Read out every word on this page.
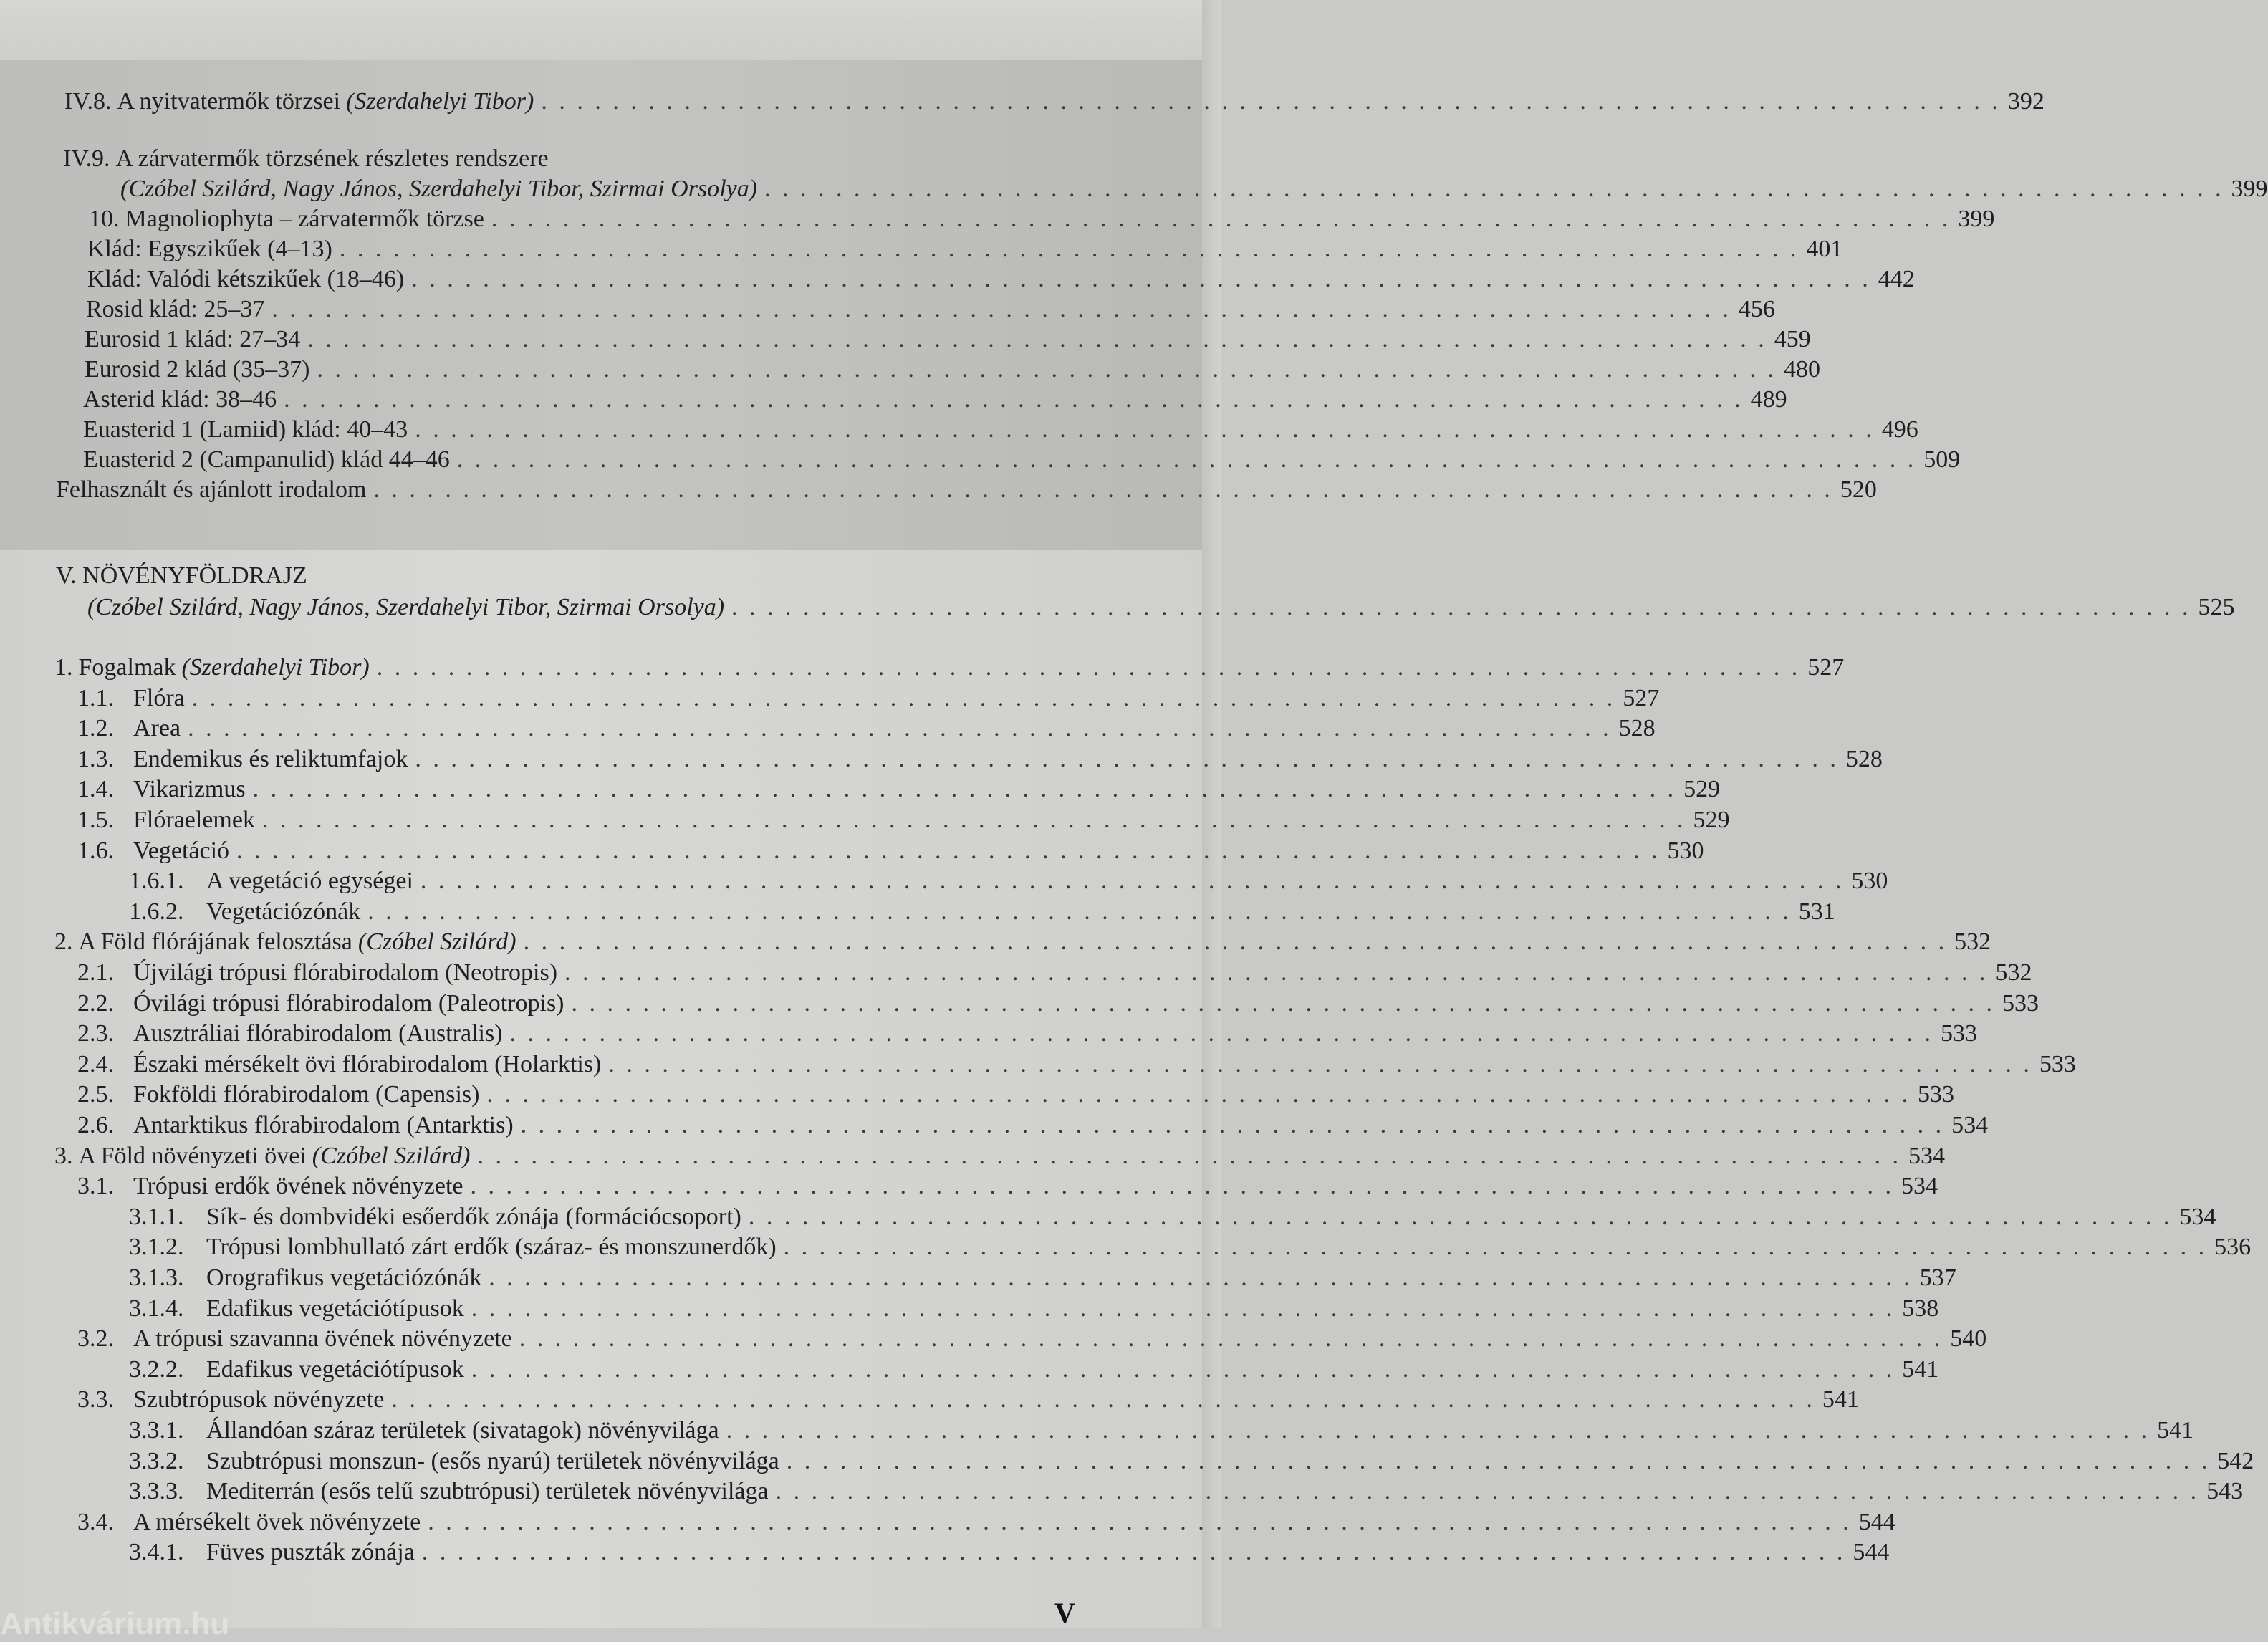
IV.8. A nyitvatermők törzsei (Szerdahelyi Tibor) . . . . . . . . . . . . . . . . . . . . . . . . . . . . . . . . . . . . . . . . . . . . . . . . . . . . . . . . . . . . . . . . . . . . . . . . . . . . . . . . . . 392
IV.9. A zárvatermők törzsének részletes rendszere
(Czóbel Szilárd, Nagy János, Szerdahelyi Tibor, Szirmai Orsolya) . . . . . . . . . . . . . . . . . . . . . . . . . . . . . . . . . . . . . . . . . . . . . . . . . . . . . . . . . . . . . . . . . . . . . . . . . . . . . . . . . . 399
10. Magnoliophyta – zárvatermők törzse . . . . . . . . . . . . . . . . . . . . . . . . . . . . . . . . . . . . . . . . . . . . . . . . . . . . . . . . . . . . . . . . . . . . . . . . . . . . . . . . . . 399
Klád: Egyszikűek (4–13) . . . . . . . . . . . . . . . . . . . . . . . . . . . . . . . . . . . . . . . . . . . . . . . . . . . . . . . . . . . . . . . . . . . . . . . . . . . . . . . . . . 401
Klád: Valódi kétszikűek (18–46) . . . . . . . . . . . . . . . . . . . . . . . . . . . . . . . . . . . . . . . . . . . . . . . . . . . . . . . . . . . . . . . . . . . . . . . . . . . . . . . . . . 442
Rosid klád: 25–37 . . . . . . . . . . . . . . . . . . . . . . . . . . . . . . . . . . . . . . . . . . . . . . . . . . . . . . . . . . . . . . . . . . . . . . . . . . . . . . . . . . 456
Eurosid 1 klád: 27–34 . . . . . . . . . . . . . . . . . . . . . . . . . . . . . . . . . . . . . . . . . . . . . . . . . . . . . . . . . . . . . . . . . . . . . . . . . . . . . . . . . . 459
Eurosid 2 klád (35–37) . . . . . . . . . . . . . . . . . . . . . . . . . . . . . . . . . . . . . . . . . . . . . . . . . . . . . . . . . . . . . . . . . . . . . . . . . . . . . . . . . . 480
Asterid klád: 38–46 . . . . . . . . . . . . . . . . . . . . . . . . . . . . . . . . . . . . . . . . . . . . . . . . . . . . . . . . . . . . . . . . . . . . . . . . . . . . . . . . . . 489
Euasterid 1 (Lamiid) klád: 40–43 . . . . . . . . . . . . . . . . . . . . . . . . . . . . . . . . . . . . . . . . . . . . . . . . . . . . . . . . . . . . . . . . . . . . . . . . . . . . . . . . . . 496
Euasterid 2 (Campanulid) klád 44–46 . . . . . . . . . . . . . . . . . . . . . . . . . . . . . . . . . . . . . . . . . . . . . . . . . . . . . . . . . . . . . . . . . . . . . . . . . . . . . . . . . . 509
Felhasznált és ajánlott irodalom . . . . . . . . . . . . . . . . . . . . . . . . . . . . . . . . . . . . . . . . . . . . . . . . . . . . . . . . . . . . . . . . . . . . . . . . . . . . . . . . . . 520
V. NÖVÉNYFÖLDRAJZ
(Czóbel Szilárd, Nagy János, Szerdahelyi Tibor, Szirmai Orsolya) . . . . . . . . . . . . . . . . . . . . . . . . . . . . . . . . . . . . . . . . . . . . . . . . . . . . . . . . . . . . . . . . . . . . . . . . . . . . . . . . . . 525
1. Fogalmak (Szerdahelyi Tibor) . . . . . . . . . . . . . . . . . . . . . . . . . . . . . . . . . . . . . . . . . . . . . . . . . . . . . . . . . . . . . . . . . . . . . . . . . . . . . . . . 527
1.1. Flóra . . . . . . . . . . . . . . . . . . . . . . . . . . . . . . . . . . . . . . . . . . . . . . . . . . . . . . . . . . . . . . . . . . . . . . . . . . . . . . . . 527
1.2. Area . . . . . . . . . . . . . . . . . . . . . . . . . . . . . . . . . . . . . . . . . . . . . . . . . . . . . . . . . . . . . . . . . . . . . . . . . . . . . . . . 528
1.3. Endemikus és reliktumfajok . . . . . . . . . . . . . . . . . . . . . . . . . . . . . . . . . . . . . . . . . . . . . . . . . . . . . . . . . . . . . . . . . . . . . . . . . . . . . . . . 528
1.4. Vikarizmus . . . . . . . . . . . . . . . . . . . . . . . . . . . . . . . . . . . . . . . . . . . . . . . . . . . . . . . . . . . . . . . . . . . . . . . . . . . . . . . . 529
1.5. Flóraelemek . . . . . . . . . . . . . . . . . . . . . . . . . . . . . . . . . . . . . . . . . . . . . . . . . . . . . . . . . . . . . . . . . . . . . . . . . . . . . . . . 529
1.6. Vegetáció . . . . . . . . . . . . . . . . . . . . . . . . . . . . . . . . . . . . . . . . . . . . . . . . . . . . . . . . . . . . . . . . . . . . . . . . . . . . . . . . 530
1.6.1. A vegetáció egységei . . . . . . . . . . . . . . . . . . . . . . . . . . . . . . . . . . . . . . . . . . . . . . . . . . . . . . . . . . . . . . . . . . . . . . . . . . . . . . . . 530
1.6.2. Vegetációzónák . . . . . . . . . . . . . . . . . . . . . . . . . . . . . . . . . . . . . . . . . . . . . . . . . . . . . . . . . . . . . . . . . . . . . . . . . . . . . . . . 531
2. A Föld flórájának felosztása (Czóbel Szilárd) . . . . . . . . . . . . . . . . . . . . . . . . . . . . . . . . . . . . . . . . . . . . . . . . . . . . . . . . . . . . . . . . . . . . . . . . . . . . . . . . 532
2.1. Újvilági trópusi flórabirodalom (Neotropis) . . . . . . . . . . . . . . . . . . . . . . . . . . . . . . . . . . . . . . . . . . . . . . . . . . . . . . . . . . . . . . . . . . . . . . . . . . . . . . . . 532
2.2. Óvilági trópusi flórabirodalom (Paleotropis) . . . . . . . . . . . . . . . . . . . . . . . . . . . . . . . . . . . . . . . . . . . . . . . . . . . . . . . . . . . . . . . . . . . . . . . . . . . . . . . . 533
2.3. Ausztráliai flórabirodalom (Australis) . . . . . . . . . . . . . . . . . . . . . . . . . . . . . . . . . . . . . . . . . . . . . . . . . . . . . . . . . . . . . . . . . . . . . . . . . . . . . . . . 533
2.4. Északi mérsékelt övi flórabirodalom (Holarktis) . . . . . . . . . . . . . . . . . . . . . . . . . . . . . . . . . . . . . . . . . . . . . . . . . . . . . . . . . . . . . . . . . . . . . . . . . . . . . . . . 533
2.5. Fokföldi flórabirodalom (Capensis) . . . . . . . . . . . . . . . . . . . . . . . . . . . . . . . . . . . . . . . . . . . . . . . . . . . . . . . . . . . . . . . . . . . . . . . . . . . . . . . . 533
2.6. Antarktikus flórabirodalom (Antarktis) . . . . . . . . . . . . . . . . . . . . . . . . . . . . . . . . . . . . . . . . . . . . . . . . . . . . . . . . . . . . . . . . . . . . . . . . . . . . . . . . 534
3. A Föld növényzeti övei (Czóbel Szilárd) . . . . . . . . . . . . . . . . . . . . . . . . . . . . . . . . . . . . . . . . . . . . . . . . . . . . . . . . . . . . . . . . . . . . . . . . . . . . . . . . 534
3.1. Trópusi erdők övének növényzete . . . . . . . . . . . . . . . . . . . . . . . . . . . . . . . . . . . . . . . . . . . . . . . . . . . . . . . . . . . . . . . . . . . . . . . . . . . . . . . . 534
3.1.1. Sík- és dombvidéki esőerdők zónája (formációcsoport) . . . . . . . . . . . . . . . . . . . . . . . . . . . . . . . . . . . . . . . . . . . . . . . . . . . . . . . . . . . . . . . . . . . . . . . . . . . . . . . . 534
3.1.2. Trópusi lombhullató zárt erdők (száraz- és monszunerdők) . . . . . . . . . . . . . . . . . . . . . . . . . . . . . . . . . . . . . . . . . . . . . . . . . . . . . . . . . . . . . . . . . . . . . . . . . . . . . . . . 536
3.1.3. Orografikus vegetációzónák . . . . . . . . . . . . . . . . . . . . . . . . . . . . . . . . . . . . . . . . . . . . . . . . . . . . . . . . . . . . . . . . . . . . . . . . . . . . . . . . 537
3.1.4. Edafikus vegetációtípusok . . . . . . . . . . . . . . . . . . . . . . . . . . . . . . . . . . . . . . . . . . . . . . . . . . . . . . . . . . . . . . . . . . . . . . . . . . . . . . . . 538
3.2. A trópusi szavanna övének növényzete . . . . . . . . . . . . . . . . . . . . . . . . . . . . . . . . . . . . . . . . . . . . . . . . . . . . . . . . . . . . . . . . . . . . . . . . . . . . . . . . 540
3.2.2. Edafikus vegetációtípusok . . . . . . . . . . . . . . . . . . . . . . . . . . . . . . . . . . . . . . . . . . . . . . . . . . . . . . . . . . . . . . . . . . . . . . . . . . . . . . . . 541
3.3. Szubtrópusok növényzete . . . . . . . . . . . . . . . . . . . . . . . . . . . . . . . . . . . . . . . . . . . . . . . . . . . . . . . . . . . . . . . . . . . . . . . . . . . . . . . . 541
3.3.1. Állandóan száraz területek (sivatagok) növényvilága . . . . . . . . . . . . . . . . . . . . . . . . . . . . . . . . . . . . . . . . . . . . . . . . . . . . . . . . . . . . . . . . . . . . . . . . . . . . . . . . 541
3.3.2. Szubtrópusi monszun- (esős nyarú) területek növényvilága . . . . . . . . . . . . . . . . . . . . . . . . . . . . . . . . . . . . . . . . . . . . . . . . . . . . . . . . . . . . . . . . . . . . . . . . . . . . . . . . 542
3.3.3. Mediterrán (esős telű szubtrópusi) területek növényvilága . . . . . . . . . . . . . . . . . . . . . . . . . . . . . . . . . . . . . . . . . . . . . . . . . . . . . . . . . . . . . . . . . . . . . . . . . . . . . . . . 543
3.4. A mérsékelt övek növényzete . . . . . . . . . . . . . . . . . . . . . . . . . . . . . . . . . . . . . . . . . . . . . . . . . . . . . . . . . . . . . . . . . . . . . . . . . . . . . . . . 544
3.4.1. Füves puszták zónája . . . . . . . . . . . . . . . . . . . . . . . . . . . . . . . . . . . . . . . . . . . . . . . . . . . . . . . . . . . . . . . . . . . . . . . . . . . . . . . . 544
V
Antikvárium.hu
